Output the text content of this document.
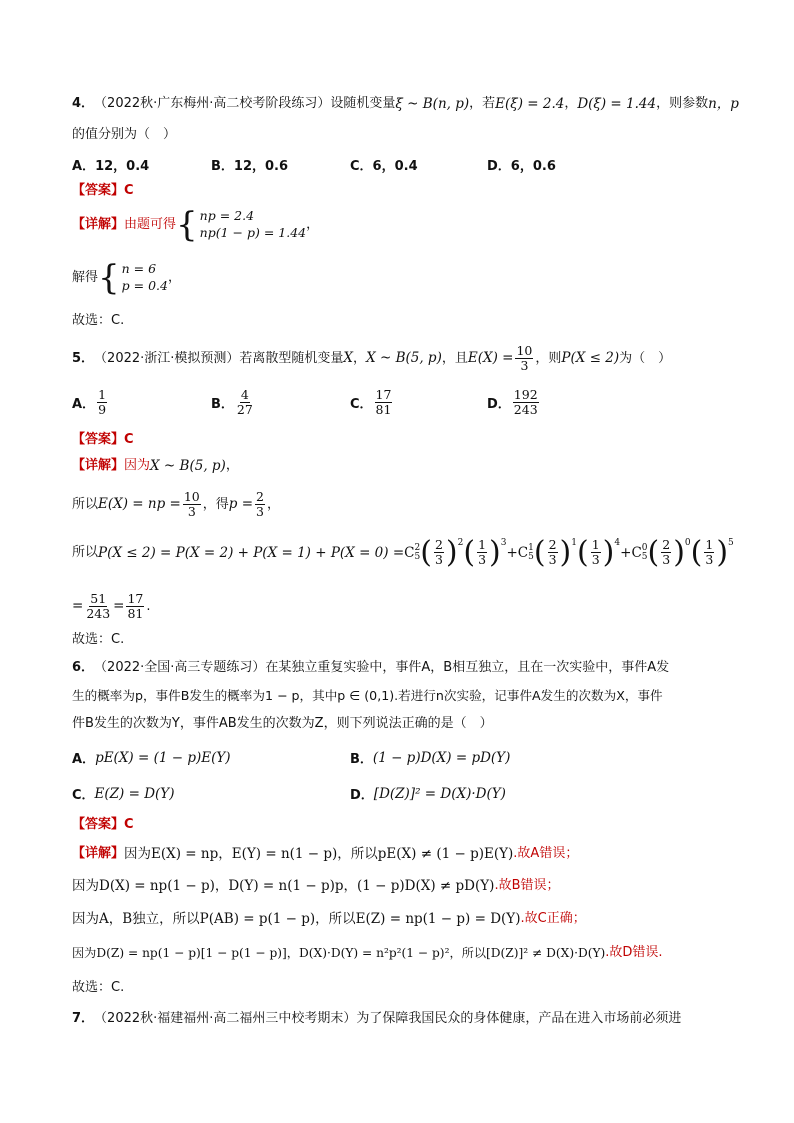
4． （2022秋·广东梅州·高二校考阶段练习） 设随机变量 ξ ~ B(n, p) ，若 E(ξ) = 2.4 ， D(ξ) = 1.44 ，则参数 n，p
的值分别为（　）
A． 12，0.4	B． 12，0.6	C． 6，0.4	D． 6，0.6
【答案】 C
【详解】 由题可得 { np = 2.4
np(1 − p) = 1.44
，
解得 { n = 6
p = 0.4
，
故选：C.
5． （2022·浙江·模拟预测） 若离散型随机变量 X ， X ~ B(5, p) ，且 $E(X) = \frac{10}{3}$ ，则 P(X ≤ 2) 为（　）
A． $\frac{1}{9}$	B． $\frac{4}{27}$	C． $\frac{17}{81}$	D． $\frac{192}{243}$
【答案】 C
【详解】 因为 X ~ B(5, p) ，
所以 E(X) = np = $\frac{10}{3}$ ，得 $p = \frac{2}{3}$ ，
所以 P(X ≤ 2) = P(X = 2) + P(X = 1) + P(X = 0) = C 2
5 ( $\frac{2}{3} )^2$ ( $\frac{1}{3} )^3$
+ C 1
5 ( $\frac{2}{3} )^1$ ( $\frac{1}{3} )^4$
+ C 0
5 ( $\frac{2}{3} )^0$ ( $\frac{1}{3} )^5$
= $\frac{51}{243} = \frac{17}{81}$ .
故选：C.
6． （2022·全国·高三专题练习） 在某独立重复实验中，事件A，B相互独立，且在一次实验中，事件A发
生的概率为p，事件B发生的概率为1 − p，其中p ∈ (0,1).若进行n次实验，记事件A发生的次数为X，事件
件B发生的次数为Y，事件AB发生的次数为Z，则下列说法正确的是（　）
A． pE(X) = (1 − p)E(Y)	B． (1 − p)D(X) = pD(Y)
C． E(Z) = D(Y)	D． [D(Z)]² = D(X)·D(Y)
【答案】 C
【详解】 因为E(X) = np，E(Y) = n(1 − p)，所以pE(X) ≠ (1 − p)E(Y) .故A错误；
因为D(X) = np(1 − p)，D(Y) = n(1 − p)p，(1 − p)D(X) ≠ pD(Y) .故B错误；
因为A，B独立，所以P(AB) = p(1 − p)，所以E(Z) = np(1 − p) = D(Y) .故C正确；
因为D(Z) = np(1 − p)[1 − p(1 − p)]，D(X)·D(Y) = n²p²(1 − p)²，所以[D(Z)]² ≠ D(X)·D(Y) .故D错误.
故选：C.
7． （2022秋·福建福州·高二福州三中校考期末） 为了保障我国民众的身体健康，产品在进入市场前必须进
